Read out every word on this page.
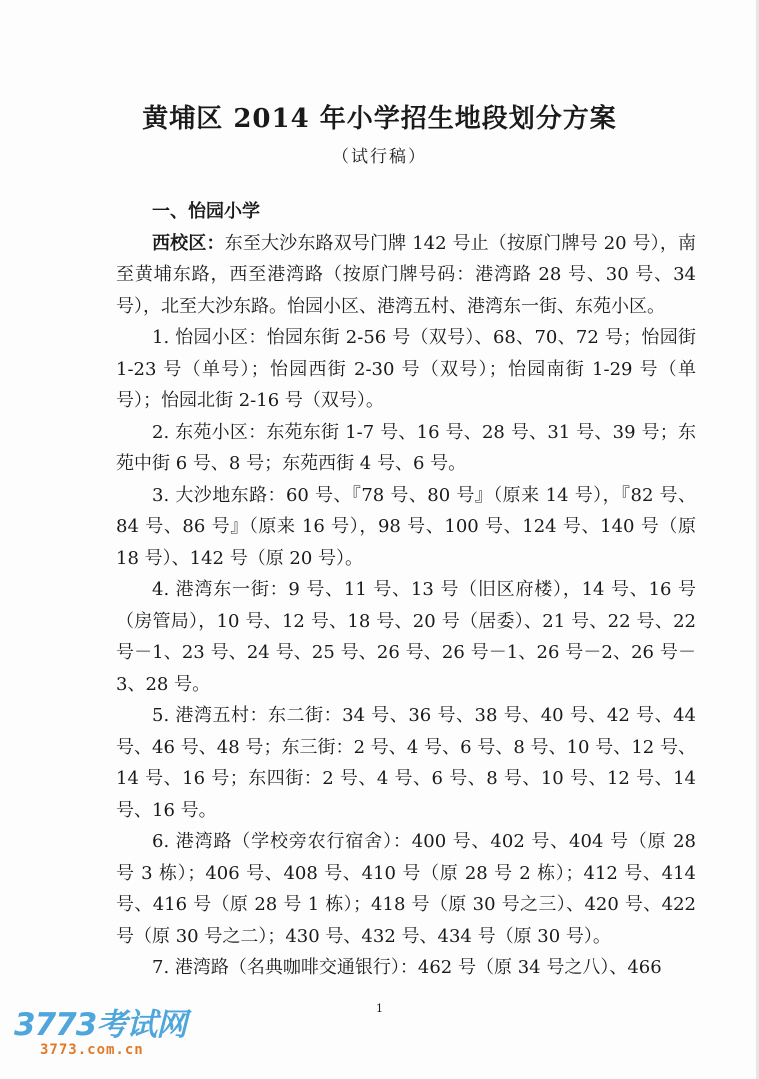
黄埔区 2014 年小学招生地段划分方案
（试行稿）

一、怡园小学

西校区：东至大沙东路双号门牌 142 号止（按原门牌号 20 号），南至黄埔东路，西至港湾路（按原门牌号码：港湾路 28 号、30 号、34 号），北至大沙东路。怡园小区、港湾五村、港湾东一街、东苑小区。

1. 怡园小区：怡园东街 2-56 号（双号）、68、70、72 号；怡园街 1-23 号（单号）；怡园西街 2-30 号（双号）；怡园南街 1-29 号（单号）；怡园北街 2-16 号（双号）。

2. 东苑小区：东苑东街 1-7 号、16 号、28 号、31 号、39 号；东苑中街 6 号、8 号；东苑西街 4 号、6 号。

3. 大沙地东路：60 号、『78 号、80 号』（原来 14 号），『82 号、84 号、86 号』（原来 16 号），98 号、100 号、124 号、140 号（原 18 号）、142 号（原 20 号）。

4. 港湾东一街：9 号、11 号、13 号（旧区府楼），14 号、16 号（房管局），10 号、12 号、18 号、20 号（居委）、21 号、22 号、22 号－1、23 号、24 号、25 号、26 号、26 号－1、26 号－2、26 号－3、28 号。

5. 港湾五村：东二街：34 号、36 号、38 号、40 号、42 号、44 号、46 号、48 号；东三街：2 号、4 号、6 号、8 号、10 号、12 号、14 号、16 号；东四街：2 号、4 号、6 号、8 号、10 号、12 号、14 号、16 号。

6. 港湾路（学校旁农行宿舍）：400 号、402 号、404 号（原 28 号 3 栋）；406 号、408 号、410 号（原 28 号 2 栋）；412 号、414 号、416 号（原 28 号 1 栋）；418 号（原 30 号之三）、420 号、422 号（原 30 号之二）；430 号、432 号、434 号（原 30 号）。

7. 港湾路（名典咖啡交通银行）：462 号（原 34 号之八）、466

1
3773考试网
3773.com.cn
